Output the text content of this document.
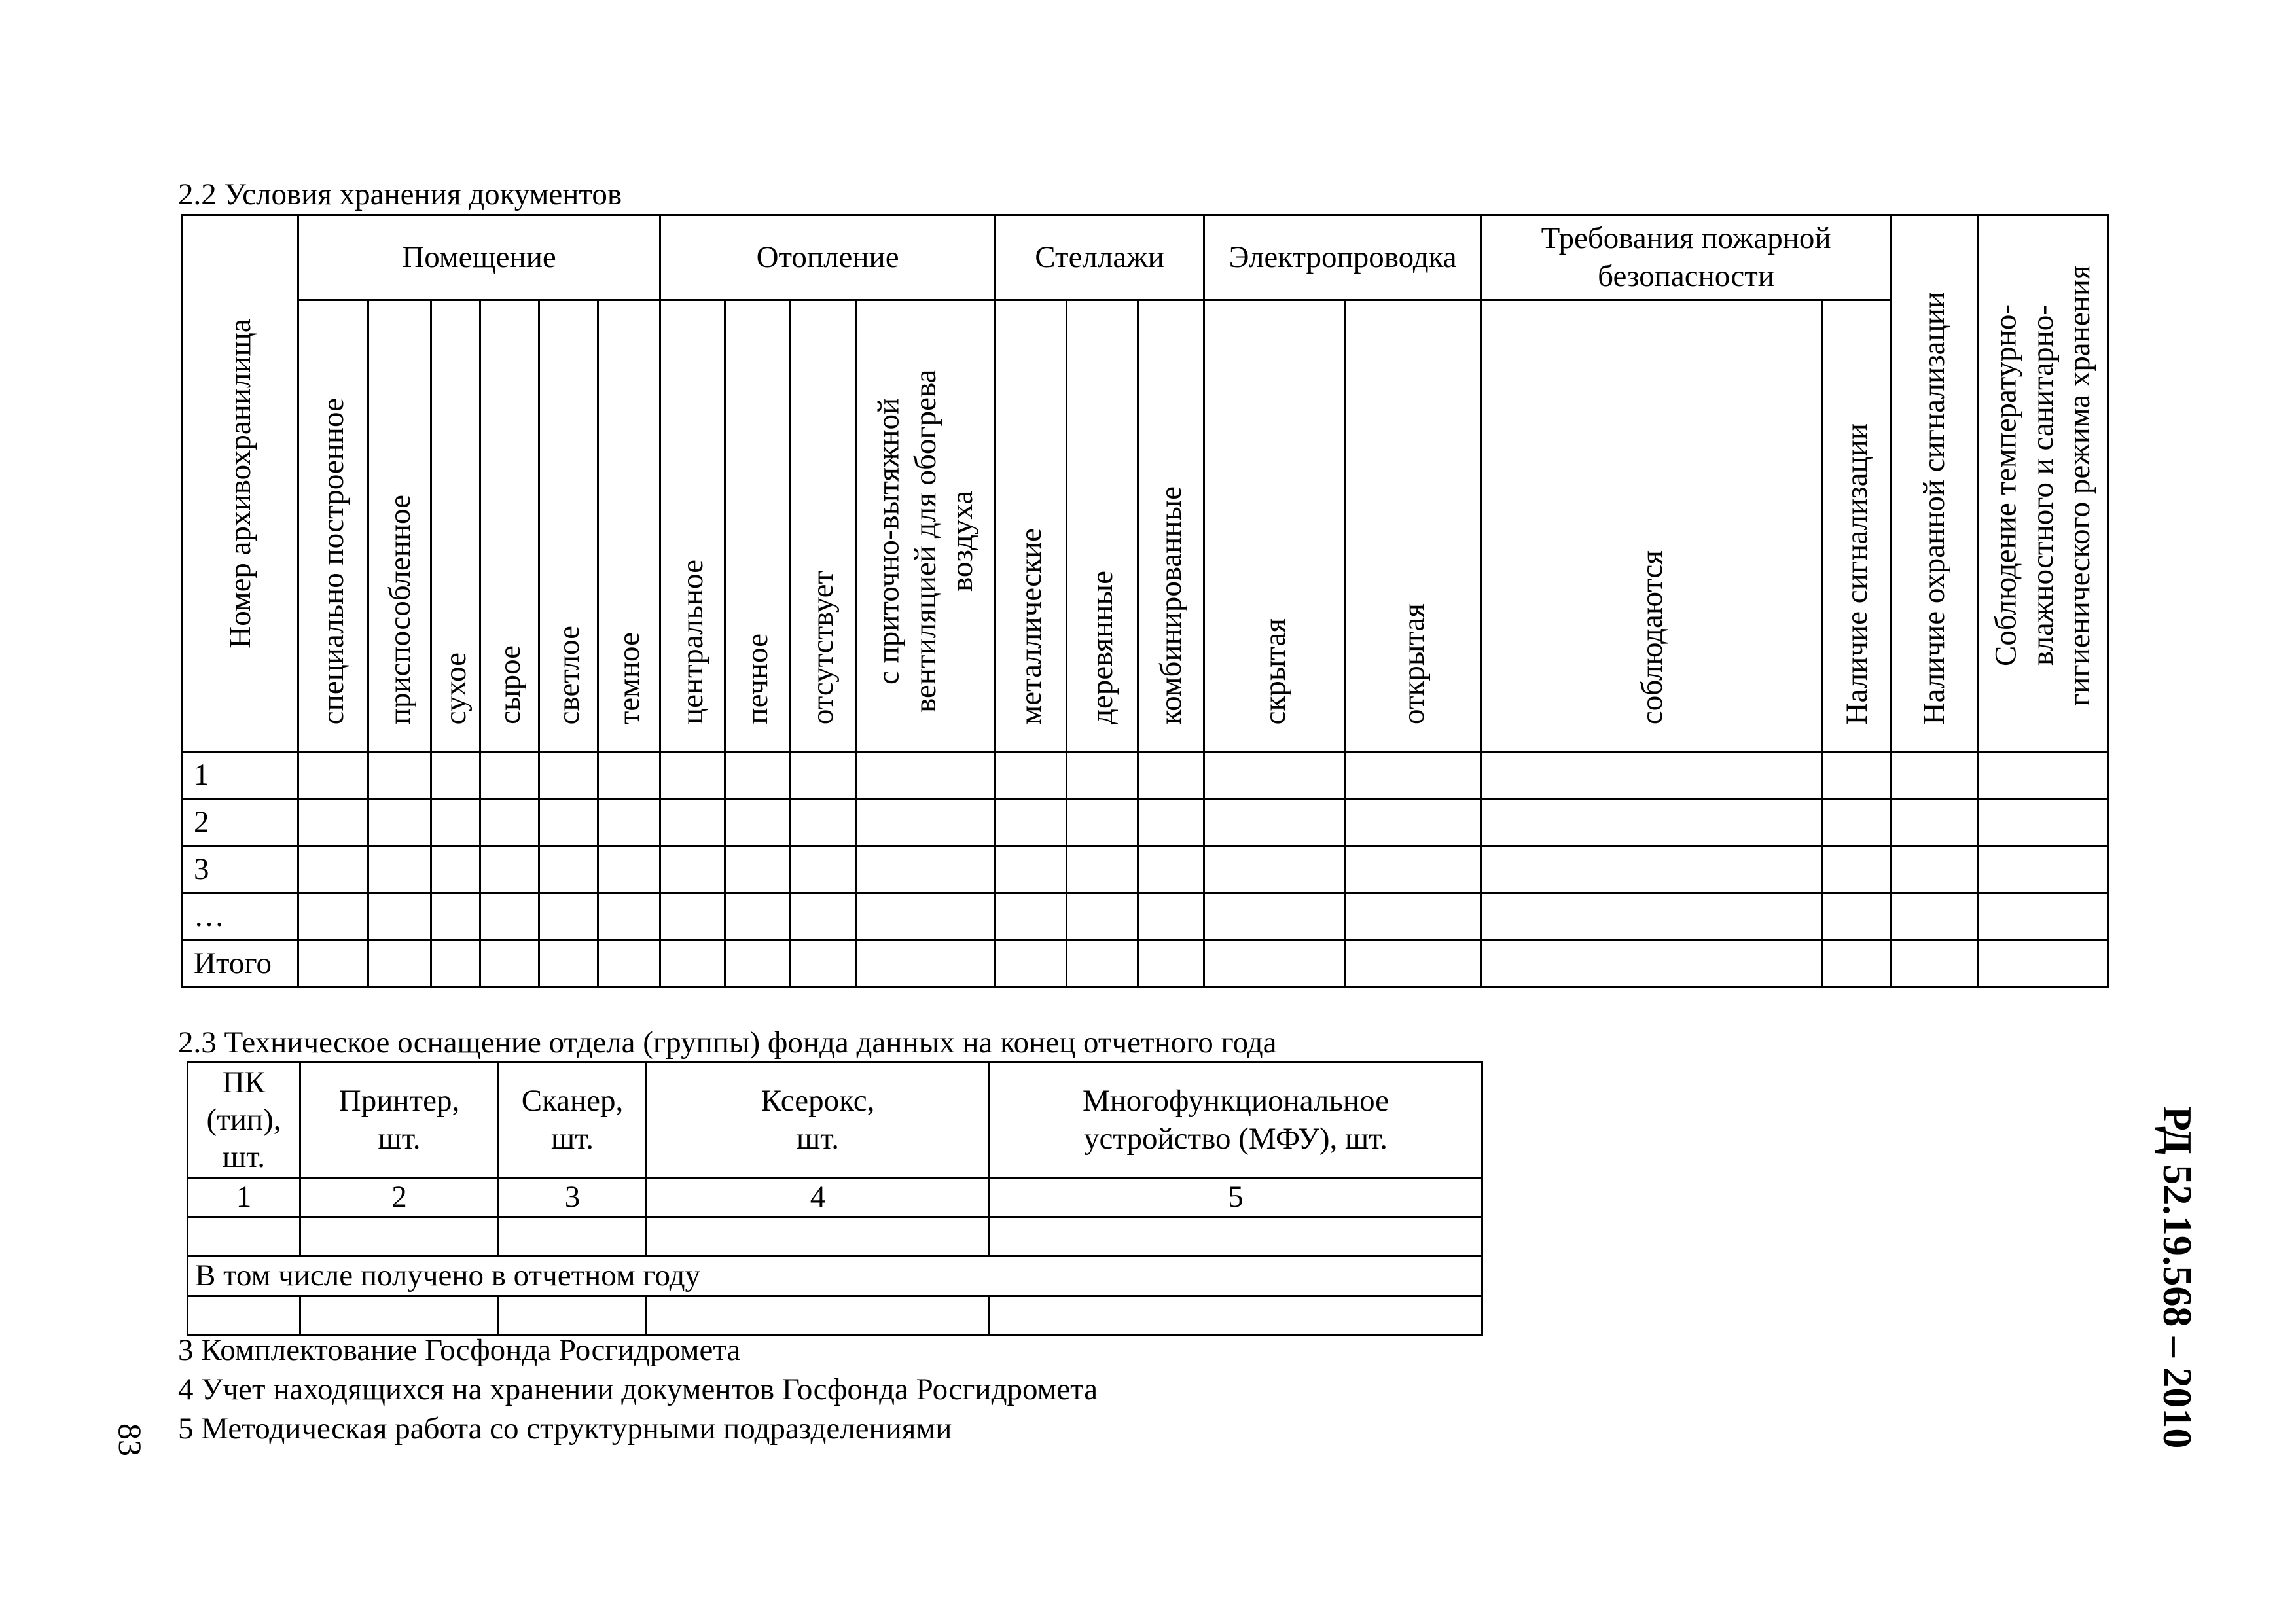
2.2 Условия хранения документов
Номер архивохранилища	Помещение						Отопление				Стеллажи			Электропроводка		Требования пожарной безопасности		Наличие охранной сигнализации	Соблюдение температурно-влажностного и санитарно-гигиенического режима хранения

	специально построенное	приспособленное	сухое	сырое	светлое	темное	центральное	печное	отсутствует	с приточно-вытяжной вентиляцией для обогрева воздуха	металлические	деревянные	комбинированные	скрытая	открытая	соблюдаются	Наличие сигнализации		

1																			
2																			
3																			
…																			
Итого																			
2.3 Техническое оснащение отдела (группы) фонда данных на конец отчетного года
ПК (тип), шт.	Принтер, шт.	Сканер, шт.	Ксерокс, шт.	Многофункциональное устройство (МФУ), шт.
1	2	3	4	5

В том числе получено в отчетном году				

3 Комплектование Госфонда Росгидромета
4 Учет находящихся на хранении документов Госфонда Росгидромета
5 Методическая работа со структурными подразделениями	РД 52.19.568 – 2010
83
